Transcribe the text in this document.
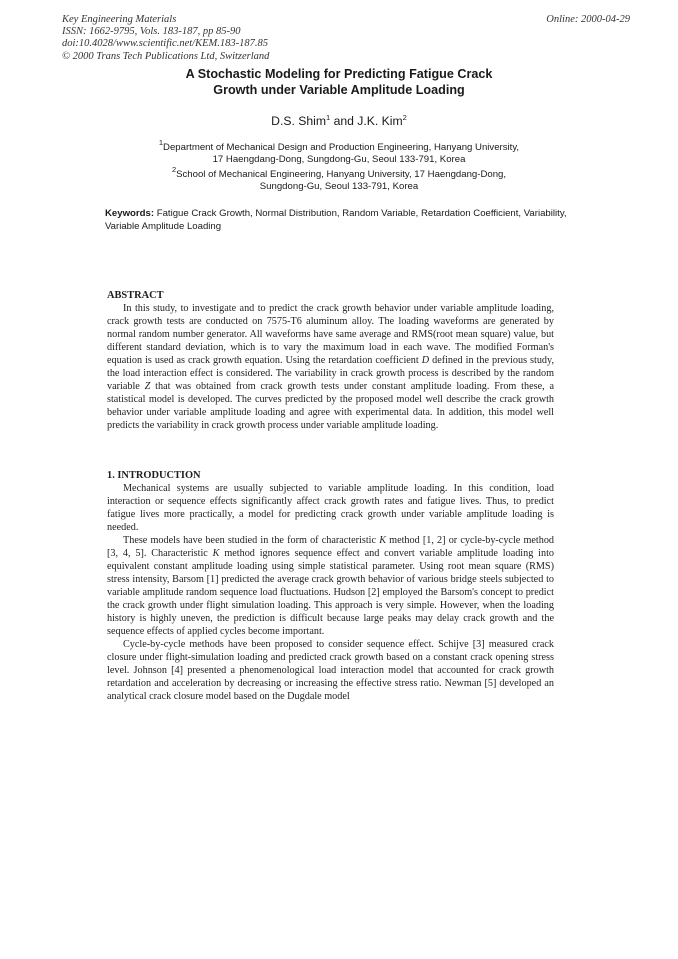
Key Engineering Materials
ISSN: 1662-9795, Vols. 183-187, pp 85-90
doi:10.4028/www.scientific.net/KEM.183-187.85
© 2000 Trans Tech Publications Ltd, Switzerland
Online: 2000-04-29
A Stochastic Modeling for Predicting Fatigue Crack
Growth under Variable Amplitude Loading
D.S. Shim$^1$ and J.K. Kim$^2$
$^1$Department of Mechanical Design and Production Engineering, Hanyang University,
17 Haengdang-Dong, Sungdong-Gu, Seoul 133-791, Korea
$^2$School of Mechanical Engineering, Hanyang University, 17 Haengdang-Dong,
Sungdong-Gu, Seoul 133-791, Korea
Keywords: Fatigue Crack Growth, Normal Distribution, Random Variable, Retardation Coefficient, Variability, Variable Amplitude Loading
ABSTRACT

In this study, to investigate and to predict the crack growth behavior under variable amplitude loading, crack growth tests are conducted on 7575-T6 aluminum alloy. The loading waveforms are generated by normal random number generator. All waveforms have same average and RMS(root mean square) value, but different standard deviation, which is to vary the maximum load in each wave. The modified Forman's equation is used as crack growth equation. Using the retardation coefficient D defined in the previous study, the load interaction effect is considered. The variability in crack growth process is described by the random variable Z that was obtained from crack growth tests under constant amplitude loading. From these, a statistical model is developed. The curves predicted by the proposed model well describe the crack growth behavior under variable amplitude loading and agree with experimental data. In addition, this model well predicts the variability in crack growth process under variable amplitude loading.

1. INTRODUCTION

Mechanical systems are usually subjected to variable amplitude loading. In this condition, load interaction or sequence effects significantly affect crack growth rates and fatigue lives. Thus, to predict fatigue lives more practically, a model for predicting crack growth under variable amplitude loading is needed.

These models have been studied in the form of characteristic K method [1, 2] or cycle-by-cycle method [3, 4, 5]. Characteristic K method ignores sequence effect and convert variable amplitude loading into equivalent constant amplitude loading using simple statistical parameter. Using root mean square (RMS) stress intensity, Barsom [1] predicted the average crack growth behavior of various bridge steels subjected to variable amplitude random sequence load fluctuations. Hudson [2] employed the Barsom's concept to predict the crack growth under flight simulation loading. This approach is very simple. However, when the loading history is highly uneven, the prediction is difficult because large peaks may delay crack growth and the sequence effects of applied cycles become important.

Cycle-by-cycle methods have been proposed to consider sequence effect. Schijve [3] measured crack closure under flight-simulation loading and predicted crack growth based on a constant crack opening stress level. Johnson [4] presented a phenomenological load interaction model that accounted for crack growth retardation and acceleration by decreasing or increasing the effective stress ratio. Newman [5] developed an analytical crack closure model based on the Dugdale model
